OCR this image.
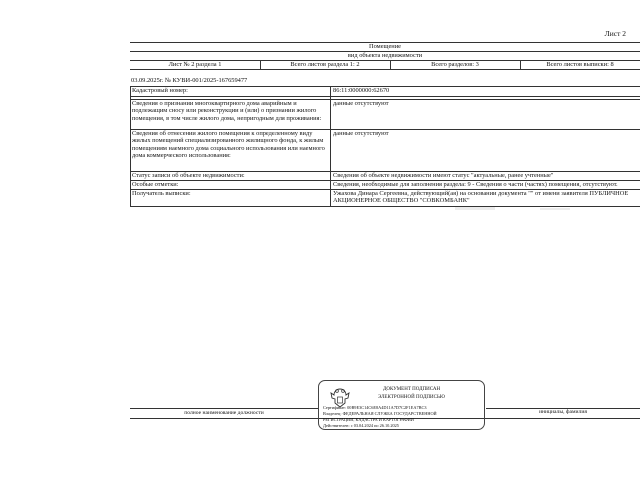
Лист 2
Помещение
вид объекта недвижимости
Лист № 2 раздела 1	Всего листов раздела 1: 2	Всего разделов: 3	Всего листов выписки: 8
03.09.2025г. № КУВИ-001/2025-167659477
Кадастровый номер:	86:11:0000000:62670
Сведения о признании многоквартирного дома аварийным и подлежащим сносу или реконструкции и (или) о признании жилого помещения, в том числе жилого дома, непригодным для проживания:
данные отсутствуют
Сведения об отнесении жилого помещения к определенному виду жилых помещений специализированного жилищного фонда, к жилым помещениям наемного дома социального использования или наемного дома коммерческого использования:
данные отсутствуют
Статус записи об объекте недвижимости:	Сведения об объекте недвижимости имеют статус "актуальные, ранее учтенные"
Особые отметки:	Сведения, необходимые для заполнения раздела: 9 - Сведения о части (частях) помещения, отсутствуют.
Получатель выписки:	Ужахова Динара Сергеевна, действующий(ая) на основании документа "" от имени заявителя ПУБЛИЧНОЕ
АКЦИОНЕРНОЕ ОБЩЕСТВО "СОВКОМБАНК"
полное наименование должности	инициалы, фамилия
ДОКУМЕНТ ПОДПИСАН
ЭЛЕКТРОННОЙ ПОДПИСЬЮ
Сертификат: 00B9E3C14C6E8A4D11A7D7C2F1EA7BC3
Владелец: ФЕДЕРАЛЬНАЯ СЛУЖБА ГОСУДАРСТВЕННОЙ
РЕГИСТРАЦИИ, КАДАСТРА И КАРТОГРАФИИ
Действителен: с 03.04.2024 по 26.10.2025
